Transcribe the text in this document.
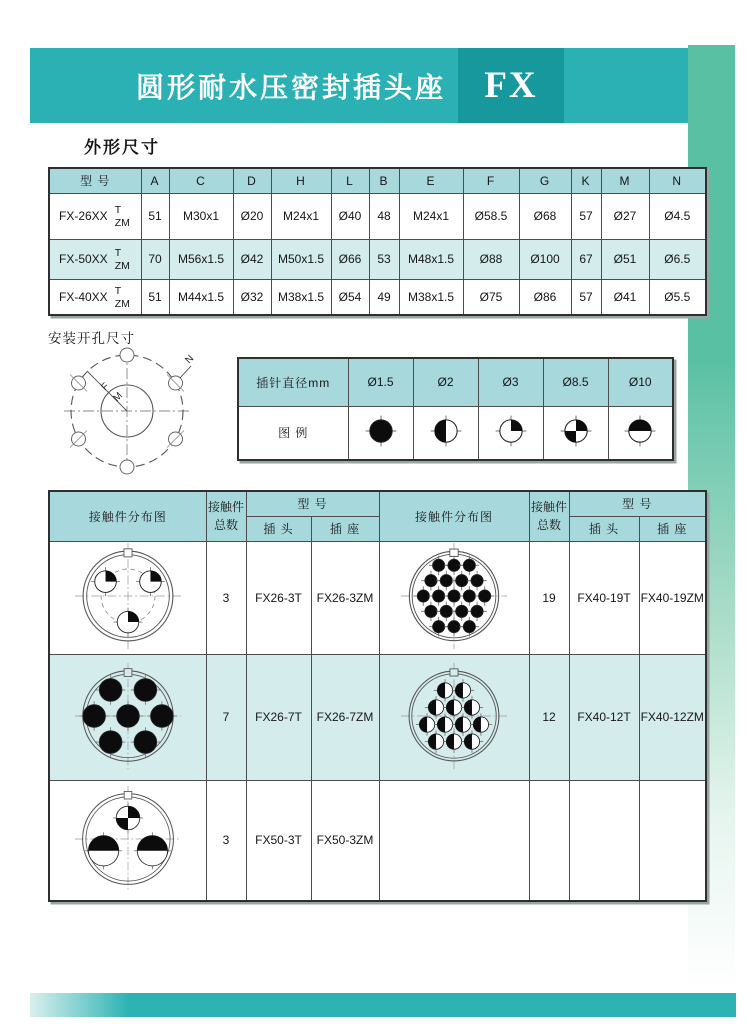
圆形耐水压密封插头座	FX
外形尺寸
型 号	A	C	D	H	L	B	E	F	G	K	M	N

FX-26XX T
ZM	51	M30x1	Ø20	M24x1	Ø40	48	M24x1	Ø58.5	Ø68	57	Ø27	Ø4.5

FX-50XX T
ZM	70	M56x1.5	Ø42	M50x1.5	Ø66	53	M48x1.5	Ø88	Ø100	67	Ø51	Ø6.5

FX-40XX T
ZM	51	M44x1.5	Ø32	M38x1.5	Ø54	49	M38x1.5	Ø75	Ø86	57	Ø41	Ø5.5
安装开孔尺寸
F
M
N
插针直径mm	Ø1.5	Ø2	Ø3	Ø8.5	Ø10
图 例					
接触件分布图	
接触件
总数
	型 号	接触件分布图	
接触件
总数
	型 号
		插 头	插 座			插 头	插 座
	3	FX26-3T	FX26-3ZM		19	FX40-19T	FX40-19ZM
	7	FX26-7T	FX26-7ZM		12	FX40-12T	FX40-12ZM
	3	FX50-3T	FX50-3ZM				
